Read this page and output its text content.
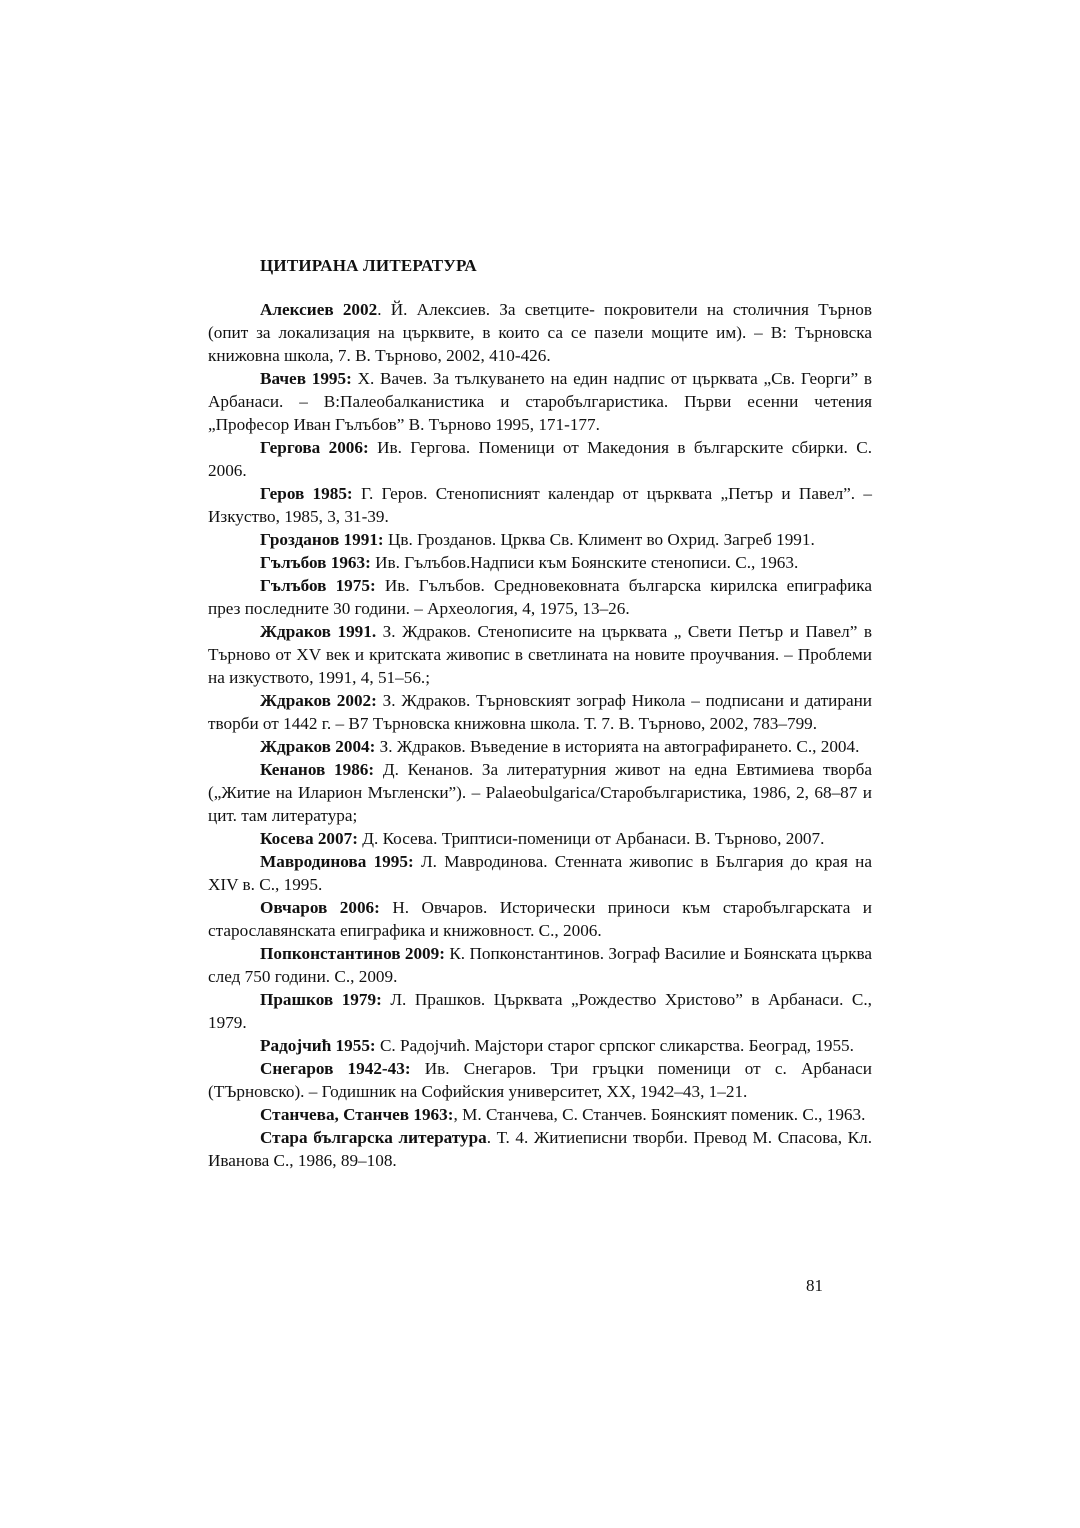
ЦИТИРАНА ЛИТЕРАТУРА

Алексиев 2002. Й. Алексиев. За светците- покровители на столичния Търнов (опит за локализация на църквите, в които са се пазели мощите им). – В: Търновска книжовна школа, 7. В. Търново, 2002, 410-426.

Вачев 1995: Х. Вачев. За тълкуването на един надпис от църквата „Св. Георги” в Арбанаси. – В:Палеобалканистика и старобългаристика. Първи есенни четения „Професор Иван Гълъбов” В. Търново 1995, 171-177.

Гергова 2006: Ив. Гергова. Поменици от Македония в българските сбирки. С. 2006.

Геров 1985: Г. Геров. Стенописният календар от църквата „Петър и Павел”. – Изкуство, 1985, 3, 31-39.

Грозданов 1991: Цв. Грозданов. Црква Св. Климент во Охрид. Загреб 1991.

Гълъбов 1963: Ив. Гълъбов.Надписи към Боянските стенописи. С., 1963.

Гълъбов 1975: Ив. Гълъбов. Средновековната българска кирилска епиграфика през последните 30 години. – Археология, 4, 1975, 13–26.

Ждраков 1991. З. Ждраков. Стенописите на църквата „ Свети Петър и Павел” в Търново от XV век и критската живопис в светлината на новите проучвания. – Проблеми на изкуството, 1991, 4, 51–56.;

Ждраков 2002: З. Ждраков. Търновският зограф Никола – подписани и датирани творби от 1442 г. – В7 Търновска книжовна школа. Т. 7. В. Търново, 2002, 783–799.

Ждраков 2004: З. Ждраков. Въведение в историята на автографирането. С., 2004.

Кенанов 1986: Д. Кенанов. За литературния живот на една Евтимиева творба („Житие на Иларион Мъгленски”). – Palaeobulgarica/Старобългаристика, 1986, 2, 68–87 и цит. там литература;

Косева 2007: Д. Косева. Триптиси-поменици от Арбанаси. В. Търново, 2007.

Мавродинова 1995: Л. Мавродинова. Стенната живопис в България до края на XIV в. С., 1995.

Овчаров 2006: Н. Овчаров. Исторически приноси към старобългарската и старославянската епиграфика и книжовност. С., 2006.

Попконстантинов 2009: К. Попконстантинов. Зограф Василие и Боянската църква след 750 години. С., 2009.

Прашков 1979: Л. Прашков. Църквата „Рождество Христово” в Арбанаси. С., 1979.

Радојчић 1955: С. Радојчић. Мајстори старог српског сликарства. Београд, 1955.

Снегаров 1942-43: Ив. Снегаров. Три гръцки поменици от с. Арбанаси (ТЪрновско). – Годишник на Софийския университет, XX, 1942–43, 1–21.

Станчева, Станчев 1963:, М. Станчева, С. Станчев. Боянският поменик. С., 1963.

Стара българска литература. Т. 4. Житиеписни творби. Превод М. Спасова, Кл. Иванова С., 1986, 89–108.

81
